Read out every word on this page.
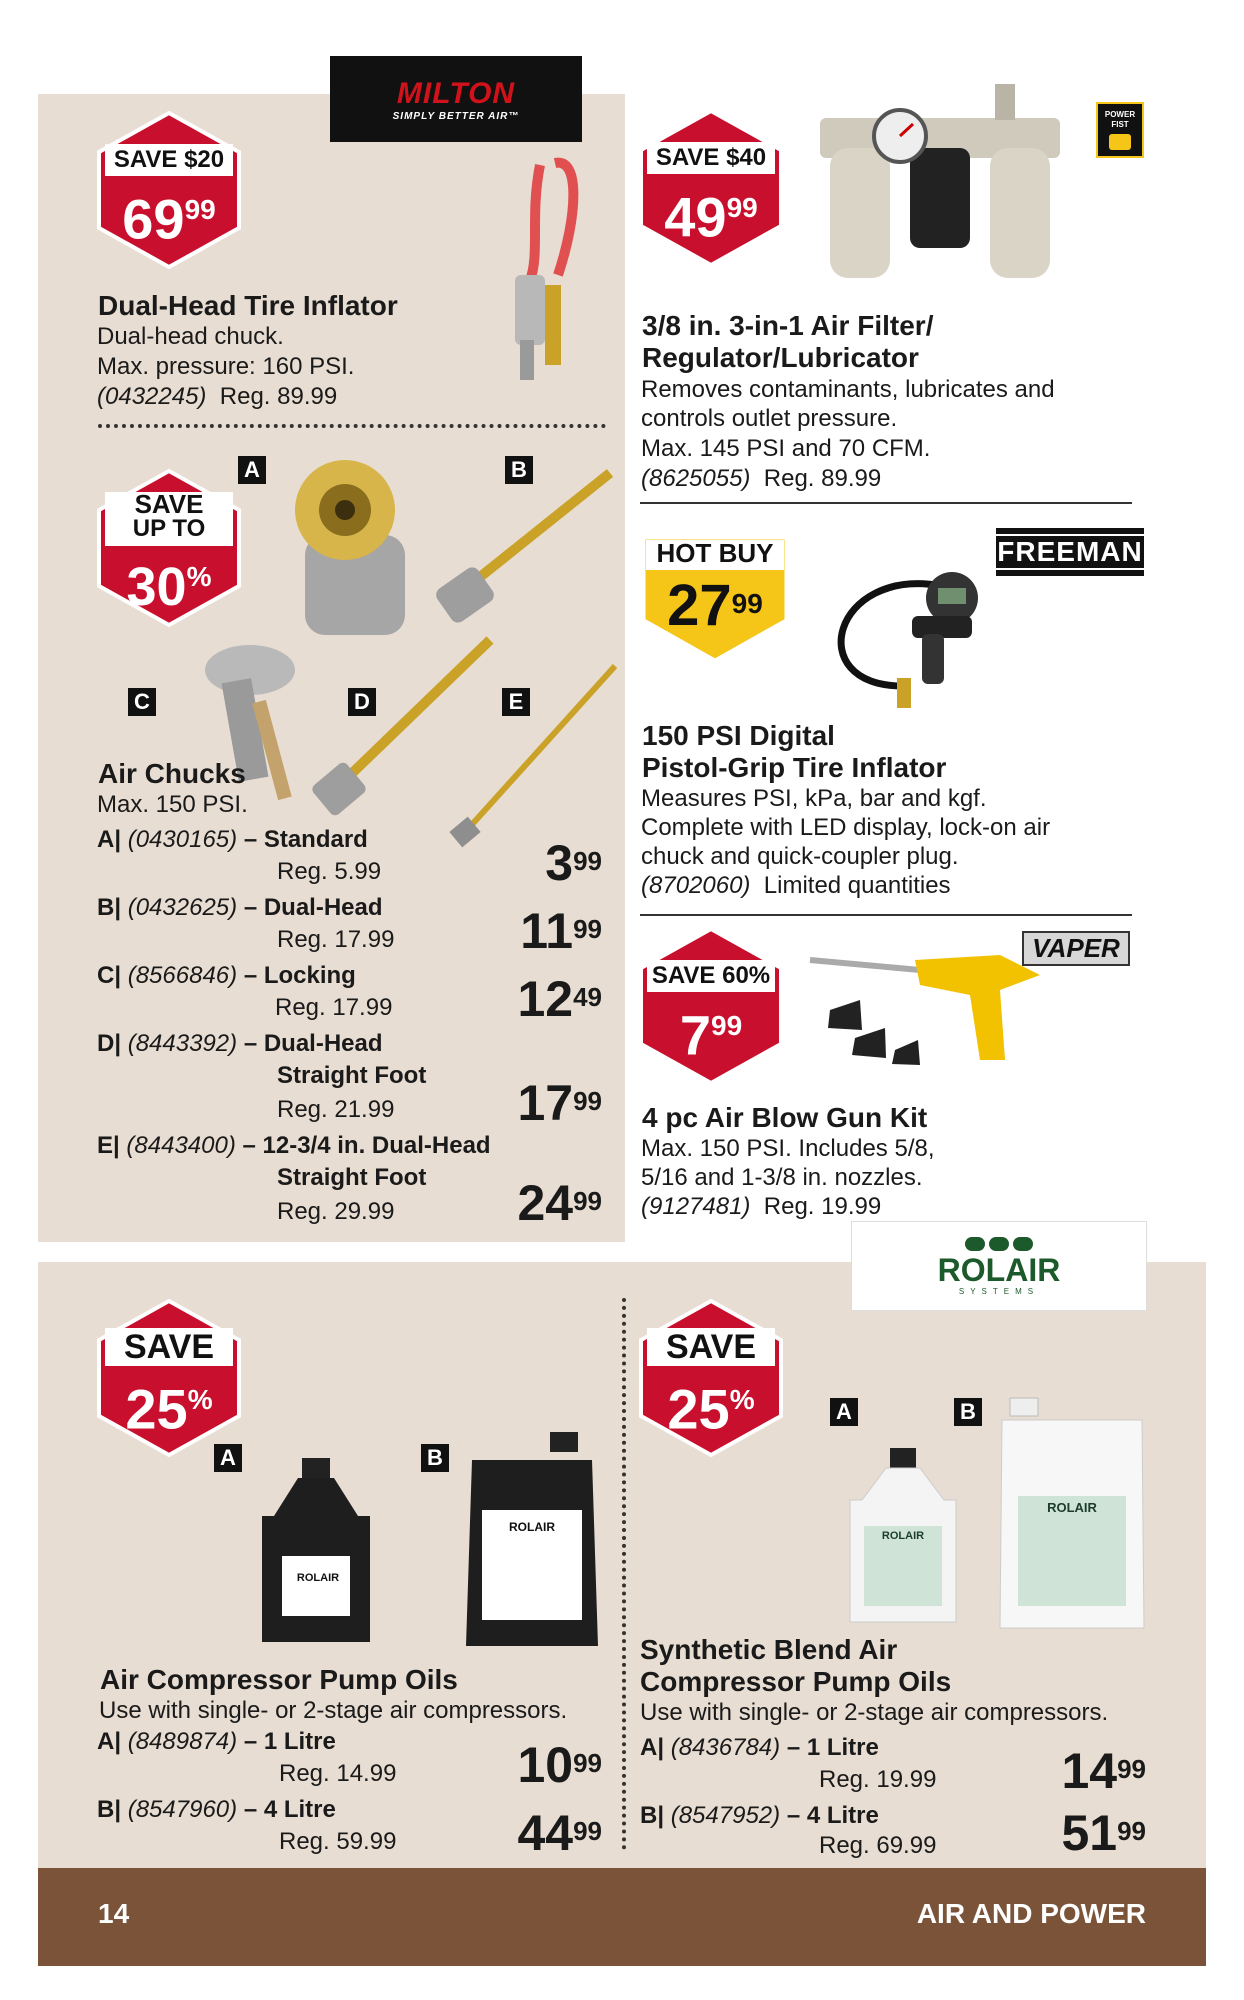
MILTON
SIMPLY BETTER AIR™
SAVE $20
$69^{99}$
Dual-Head Tire Inflator
Dual-head chuck.
Max. pressure: 160 PSI.
(0432245) Reg. 89.99
SAVE
UP TO
30%
A	B
C	D	E
Air Chucks
Max. 150 PSI.
A| (0430165) – Standard
Reg. 5.99	$3^{99}$
B| (0432625) – Dual-Head
Reg. 17.99	$11^{99}$
C| (8566846) – Locking
Reg. 17.99	$12^{49}$
D| (8443392) – Dual-Head
Straight Foot
Reg. 21.99	$17^{99}$
E| (8443400) – 12-3/4 in. Dual-Head
Straight Foot
Reg. 29.99	$24^{99}$
SAVE $40
$49^{99}$
POWER FIST
3/8 in. 3-in-1 Air Filter/
Regulator/Lubricator
Removes contaminants, lubricates and
controls outlet pressure.
Max. 145 PSI and 70 CFM.
(8625055) Reg. 89.99
HOT BUY
$27^{99}$
FREEMAN
150 PSI Digital
Pistol-Grip Tire Inflator
Measures PSI, kPa, bar and kgf.
Complete with LED display, lock-on air
chuck and quick-coupler plug.
(8702060) Limited quantities
SAVE 60%
$7^{99}$
VAPER
4 pc Air Blow Gun Kit
Max. 150 PSI. Includes 5/8,
5/16 and 1-3/8 in. nozzles.
(9127481) Reg. 19.99
ROLAIR
SYSTEMS
SAVE
25%
A	B
ROLAIR
ROLAIR
Air Compressor Pump Oils
Use with single- or 2-stage air compressors.
A| (8489874) – 1 Litre
Reg. 14.99	$10^{99}$
B| (8547960) – 4 Litre
Reg. 59.99	$44^{99}$
SAVE
25%	A	B
ROLAIR
ROLAIR
Synthetic Blend Air
Compressor Pump Oils
Use with single- or 2-stage air compressors.
A| (8436784) – 1 Litre
Reg. 19.99	$14^{99}$
B| (8547952) – 4 Litre
Reg. 69.99	$51^{99}$
14	AIR AND POWER
